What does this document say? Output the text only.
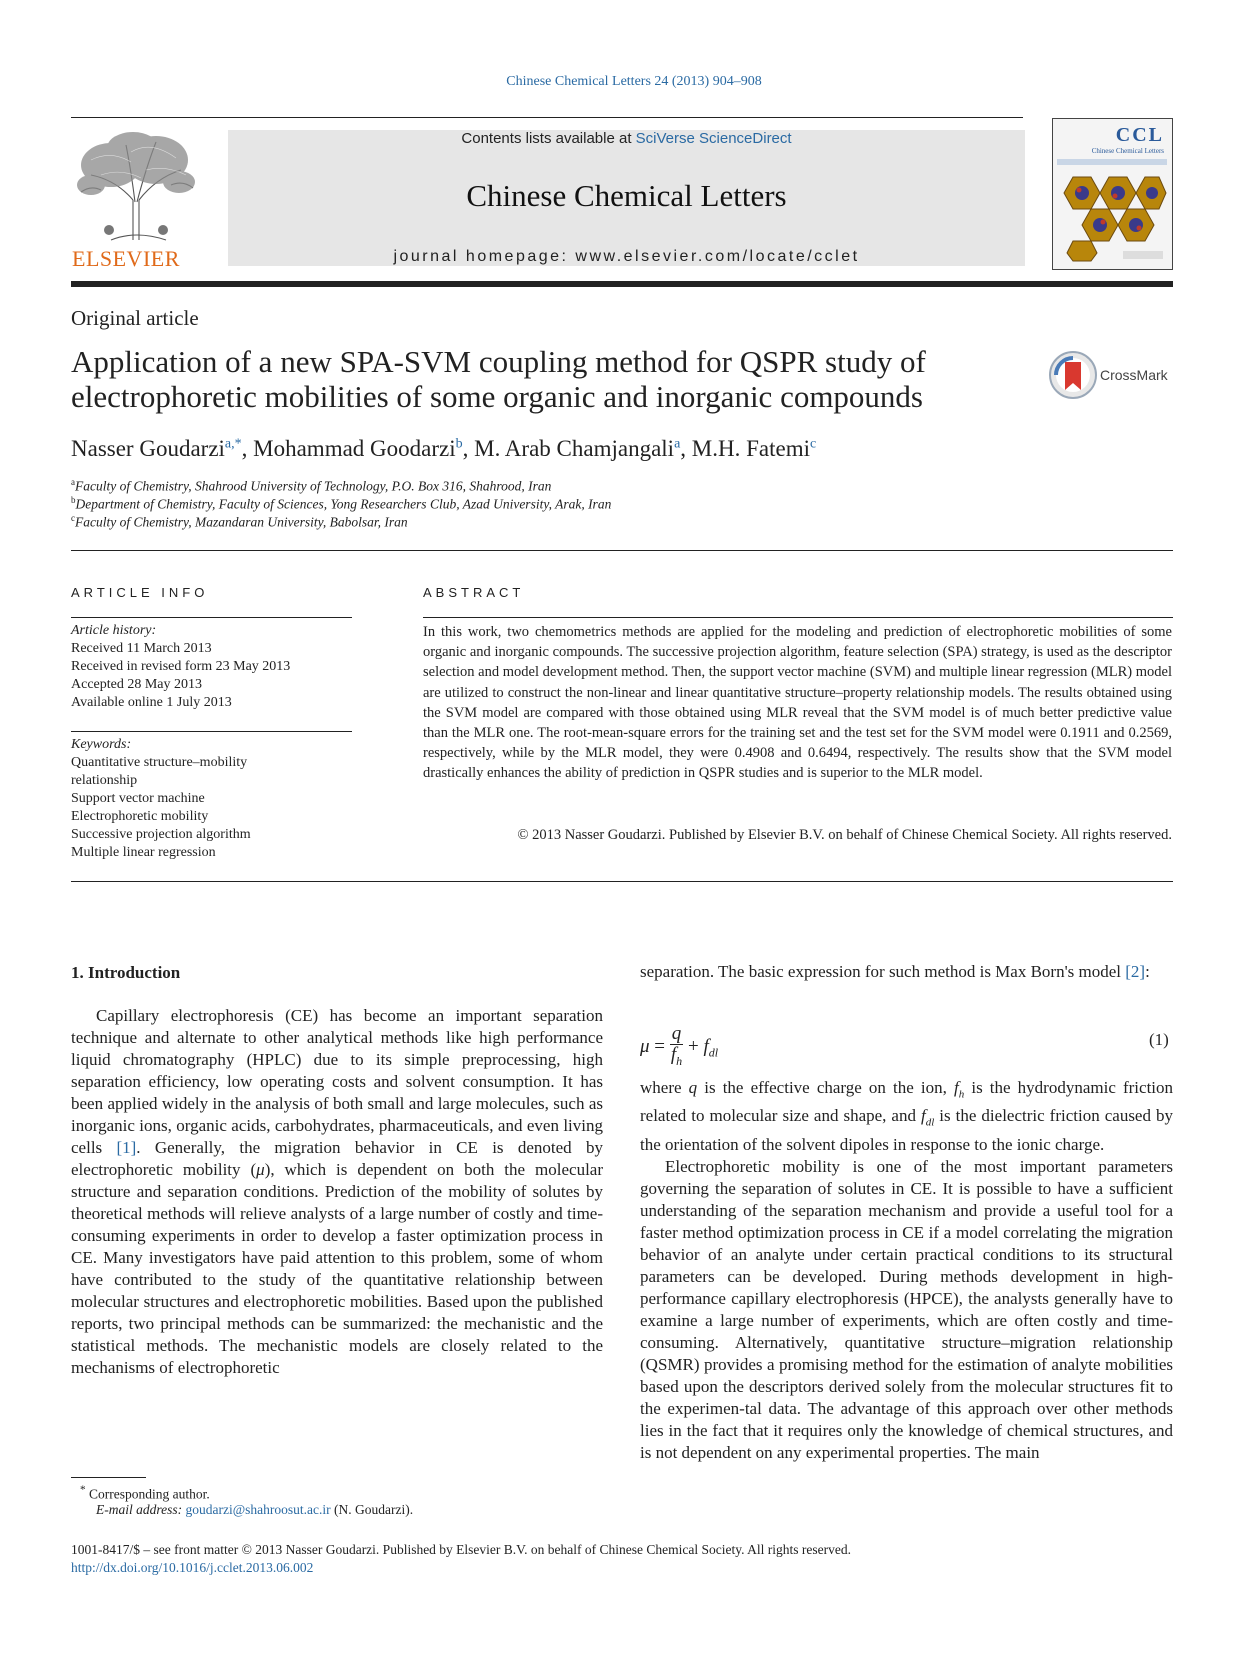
Chinese Chemical Letters 24 (2013) 904–908
ELSEVIER
Contents lists available at SciVerse ScienceDirect
Chinese Chemical Letters
journal homepage: www.elsevier.com/locate/cclet
CCL
Chinese Chemical Letters
Original article
Application of a new SPA-SVM coupling method for QSPR study of
electrophoretic mobilities of some organic and inorganic compounds
CrossMark
Nasser Goudarzi$^{a,*}$, Mohammad Goodarzi$^b$, M. Arab Chamjangali$^a$, M.H. Fatemi$^c$
$^a$Faculty of Chemistry, Shahrood University of Technology, P.O. Box 316, Shahrood, Iran
$^b$Department of Chemistry, Faculty of Sciences, Yong Researchers Club, Azad University, Arak, Iran
$^c$Faculty of Chemistry, Mazandaran University, Babolsar, Iran
ARTICLE INFO
Article history:
Received 11 March 2013
Received in revised form 23 May 2013
Accepted 28 May 2013
Available online 1 July 2013
Keywords:
Quantitative structure–mobility
relationship
Support vector machine
Electrophoretic mobility
Successive projection algorithm
Multiple linear regression
ABSTRACT
In this work, two chemometrics methods are applied for the modeling and prediction of electrophoretic mobilities of some organic and inorganic compounds. The successive projection algorithm, feature selection (SPA) strategy, is used as the descriptor selection and model development method. Then, the support vector machine (SVM) and multiple linear regression (MLR) model are utilized to construct the non-linear and linear quantitative structure–property relationship models. The results obtained using the SVM model are compared with those obtained using MLR reveal that the SVM model is of much better predictive value than the MLR one. The root-mean-square errors for the training set and the test set for the SVM model were 0.1911 and 0.2569, respectively, while by the MLR model, they were 0.4908 and 0.6494, respectively. The results show that the SVM model drastically enhances the ability of prediction in QSPR studies and is superior to the MLR model.
© 2013 Nasser Goudarzi. Published by Elsevier B.V. on behalf of Chinese Chemical Society. All rights reserved.
1. Introduction

Capillary electrophoresis (CE) has become an important separation technique and alternate to other analytical methods like high performance liquid chromatography (HPLC) due to its simple preprocessing, high separation efficiency, low operating costs and solvent consumption. It has been applied widely in the analysis of both small and large molecules, such as inorganic ions, organic acids, carbohydrates, pharmaceuticals, and even living cells [1]. Generally, the migration behavior in CE is denoted by electrophoretic mobility (μ), which is dependent on both the molecular structure and separation conditions. Prediction of the mobility of solutes by theoretical methods will relieve analysts of a large number of costly and time-consuming experiments in order to develop a faster optimization process in CE. Many investigators have paid attention to this problem, some of whom have contributed to the study of the quantitative relationship between molecular structures and electrophoretic mobilities. Based upon the published reports, two principal methods can be summarized: the mechanistic and the statistical methods. The mechanistic models are closely related to the mechanisms of electrophoretic

separation. The basic expression for such method is Max Born's model [2]:

$\mu = \frac{q}{f_h} + f_{dl}$
(1)

where q is the effective charge on the ion, $f_h$ is the hydrodynamic friction related to molecular size and shape, and $f_{dl}$ is the dielectric friction caused by the orientation of the solvent dipoles in response to the ionic charge.

Electrophoretic mobility is one of the most important parameters governing the separation of solutes in CE. It is possible to have a sufficient understanding of the separation mechanism and provide a useful tool for a faster method optimization process in CE if a model correlating the migration behavior of an analyte under certain practical conditions to its structural parameters can be developed. During methods development in high-performance capillary electrophoresis (HPCE), the analysts generally have to examine a large number of experiments, which are often costly and time-consuming. Alternatively, quantitative structure–migration relationship (QSMR) provides a promising method for the estimation of analyte mobilities based upon the descriptors derived solely from the molecular structures fit to the experimen-tal data. The advantage of this approach over other methods lies in the fact that it requires only the knowledge of chemical structures, and is not dependent on any experimental properties. The main

* Corresponding author.
E-mail address: goudarzi@shahroosut.ac.ir (N. Goudarzi).
1001-8417/$ – see front matter © 2013 Nasser Goudarzi. Published by Elsevier B.V. on behalf of Chinese Chemical Society. All rights reserved.
http://dx.doi.org/10.1016/j.cclet.2013.06.002
